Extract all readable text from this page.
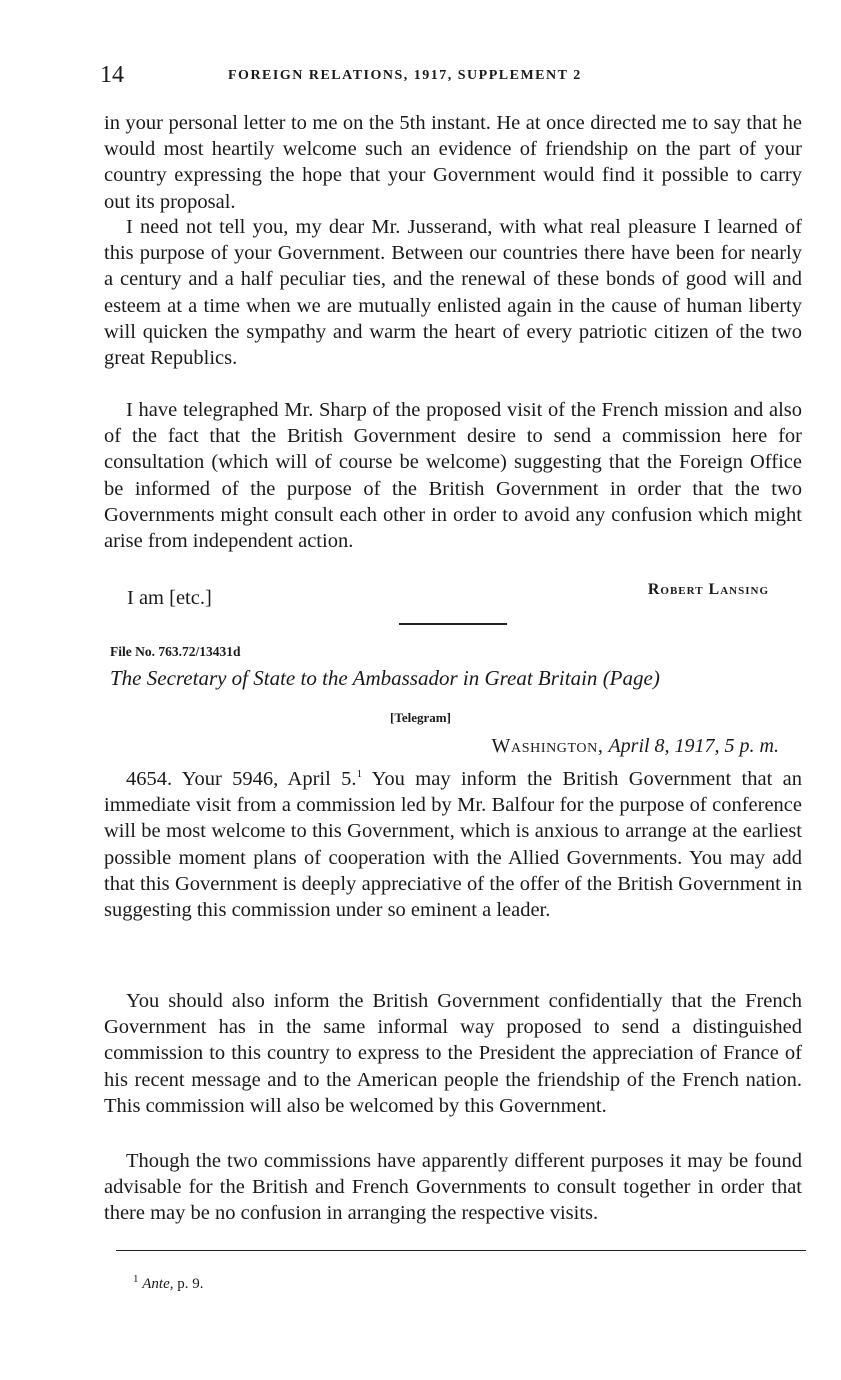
14	FOREIGN RELATIONS, 1917, SUPPLEMENT 2

in your personal letter to me on the 5th instant. He at once directed me to say that he would most heartily welcome such an evidence of friendship on the part of your country expressing the hope that your Government would find it possible to carry out its proposal.

I need not tell you, my dear Mr. Jusserand, with what real pleasure I learned of this purpose of your Government. Between our countries there have been for nearly a century and a half peculiar ties, and the renewal of these bonds of good will and esteem at a time when we are mutually enlisted again in the cause of human liberty will quicken the sympathy and warm the heart of every patriotic citizen of the two great Republics.

I have telegraphed Mr. Sharp of the proposed visit of the French mission and also of the fact that the British Government desire to send a commission here for consultation (which will of course be welcome) suggesting that the Foreign Office be informed of the purpose of the British Government in order that the two Governments might consult each other in order to avoid any confusion which might arise from independent action.

I am [etc.]	Robert Lansing
File No. 763.72/13431d
The Secretary of State to the Ambassador in Great Britain (Page)
[Telegram]
Washington, April 8, 1917, 5 p. m.

4654. Your 5946, April 5.$^1$ You may inform the British Government that an immediate visit from a commission led by Mr. Balfour for the purpose of conference will be most welcome to this Government, which is anxious to arrange at the earliest possible moment plans of cooperation with the Allied Governments. You may add that this Government is deeply appreciative of the offer of the British Government in suggesting this commission under so eminent a leader.

You should also inform the British Government confidentially that the French Government has in the same informal way proposed to send a distinguished commission to this country to express to the President the appreciation of France of his recent message and to the American people the friendship of the French nation. This commission will also be welcomed by this Government.

Though the two commissions have apparently different purposes it may be found advisable for the British and French Governments to consult together in order that there may be no confusion in arranging the respective visits.

$^1$ Ante, p. 9.
